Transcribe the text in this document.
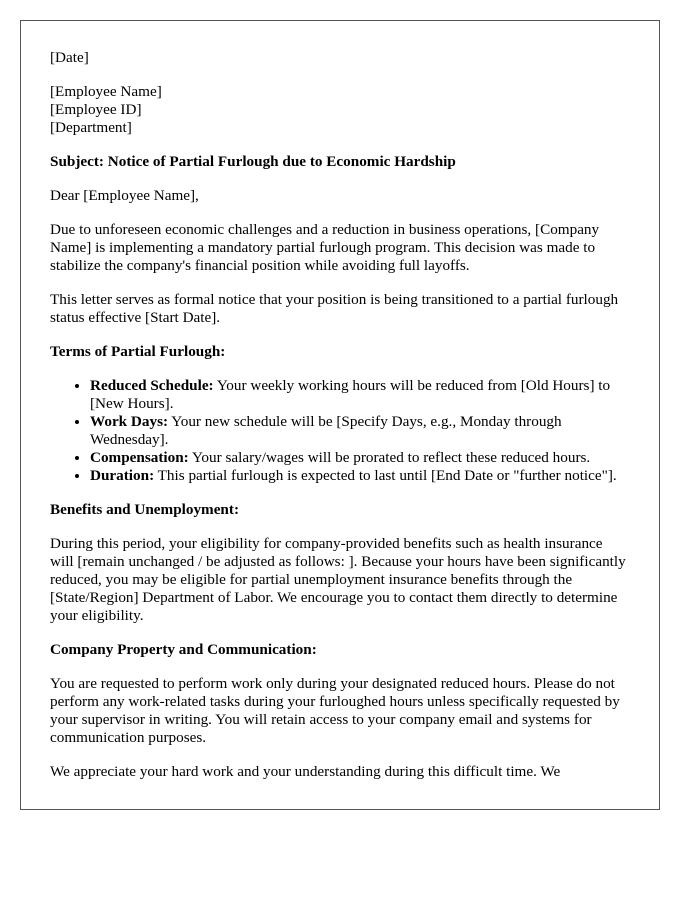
[Date]

[Employee Name]
[Employee ID]
[Department]

Subject: Notice of Partial Furlough due to Economic Hardship

Dear [Employee Name],

Due to unforeseen economic challenges and a reduction in business operations, [Company Name] is implementing a mandatory partial furlough program. This decision was made to stabilize the company's financial position while avoiding full layoffs.

This letter serves as formal notice that your position is being transitioned to a partial furlough status effective [Start Date].

Terms of Partial Furlough:

• Reduced Schedule: Your weekly working hours will be reduced from [Old Hours] to [New Hours].
• Work Days: Your new schedule will be [Specify Days, e.g., Monday through Wednesday].
• Compensation: Your salary/wages will be prorated to reflect these reduced hours.
• Duration: This partial furlough is expected to last until [End Date or "further notice"].

Benefits and Unemployment:

During this period, your eligibility for company-provided benefits such as health insurance will [remain unchanged / be adjusted as follows: ]. Because your hours have been significantly reduced, you may be eligible for partial unemployment insurance benefits through the [State/Region] Department of Labor. We encourage you to contact them directly to determine your eligibility.

Company Property and Communication:

You are requested to perform work only during your designated reduced hours. Please do not perform any work-related tasks during your furloughed hours unless specifically requested by your supervisor in writing. You will retain access to your company email and systems for communication purposes.

We appreciate your hard work and your understanding during this difficult time. We
